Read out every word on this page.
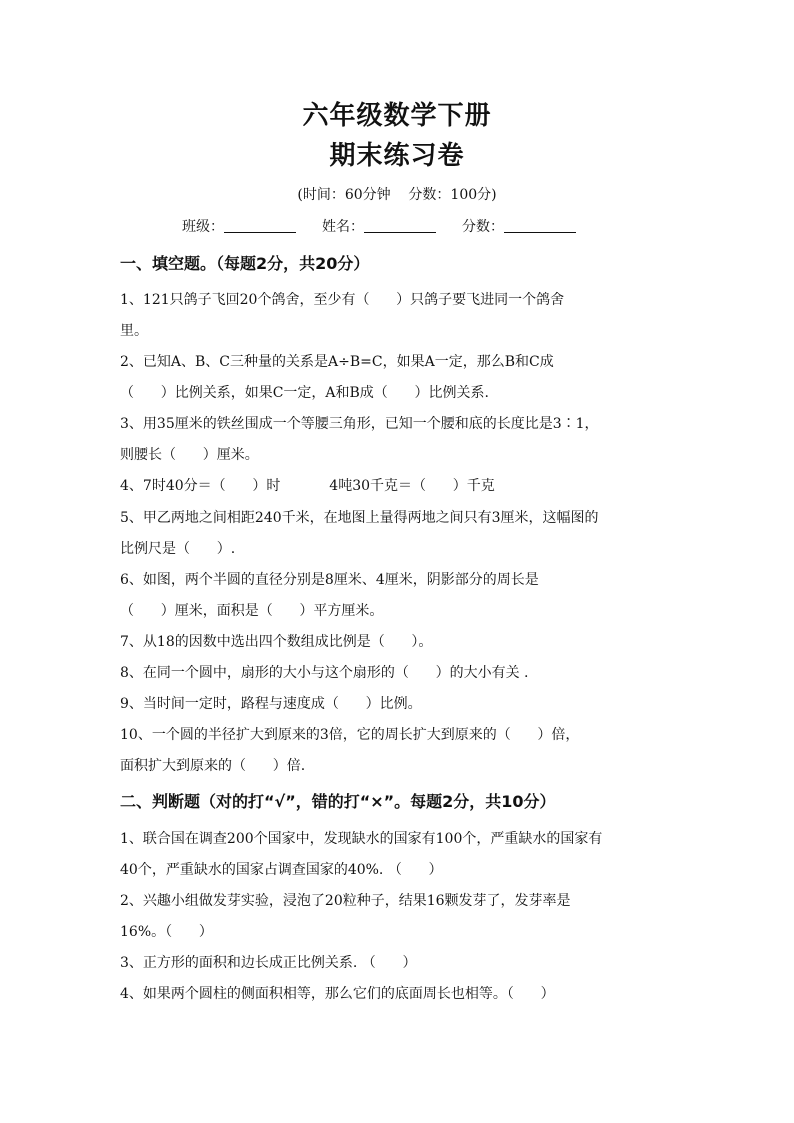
六年级数学下册
期末练习卷
(时间：60分钟    分数：100分)
班级：	姓名：	分数：
一、填空题。（每题2分，共20分）
1、121只鸽子飞回20个鸽舍，至少有（      ）只鸽子要飞进同一个鸽舍
里。
2、已知A、B、C三种量的关系是A÷B=C，如果A一定，那么B和C成
（      ）比例关系，如果C一定，A和B成（      ）比例关系.
3、用35厘米的铁丝围成一个等腰三角形，已知一个腰和底的长度比是3∶1，
则腰长（      ）厘米。
4、7时40分＝（      ）时           4吨30千克＝（      ）千克
5、甲乙两地之间相距240千米，在地图上量得两地之间只有3厘米，这幅图的
比例尺是（      ）.
6、如图，两个半圆的直径分别是8厘米、4厘米，阴影部分的周长是
（      ）厘米，面积是（      ）平方厘米。
7、从18的因数中选出四个数组成比例是（      ）。
8、在同一个圆中，扇形的大小与这个扇形的（      ）的大小有关 .
9、当时间一定时，路程与速度成（      ）比例。
10、一个圆的半径扩大到原来的3倍，它的周长扩大到原来的（      ）倍，
面积扩大到原来的（      ）倍.
二、判断题（对的打“√”，错的打“×”。每题2分，共10分）
1、联合国在调查200个国家中，发现缺水的国家有100个，严重缺水的国家有
40个，严重缺水的国家占调查国家的40%. （      ）
2、兴趣小组做发芽实验，浸泡了20粒种子，结果16颗发芽了，发芽率是
16%。（      ）
3、正方形的面积和边长成正比例关系. （      ）
4、如果两个圆柱的侧面积相等，那么它们的底面周长也相等。（      ）
